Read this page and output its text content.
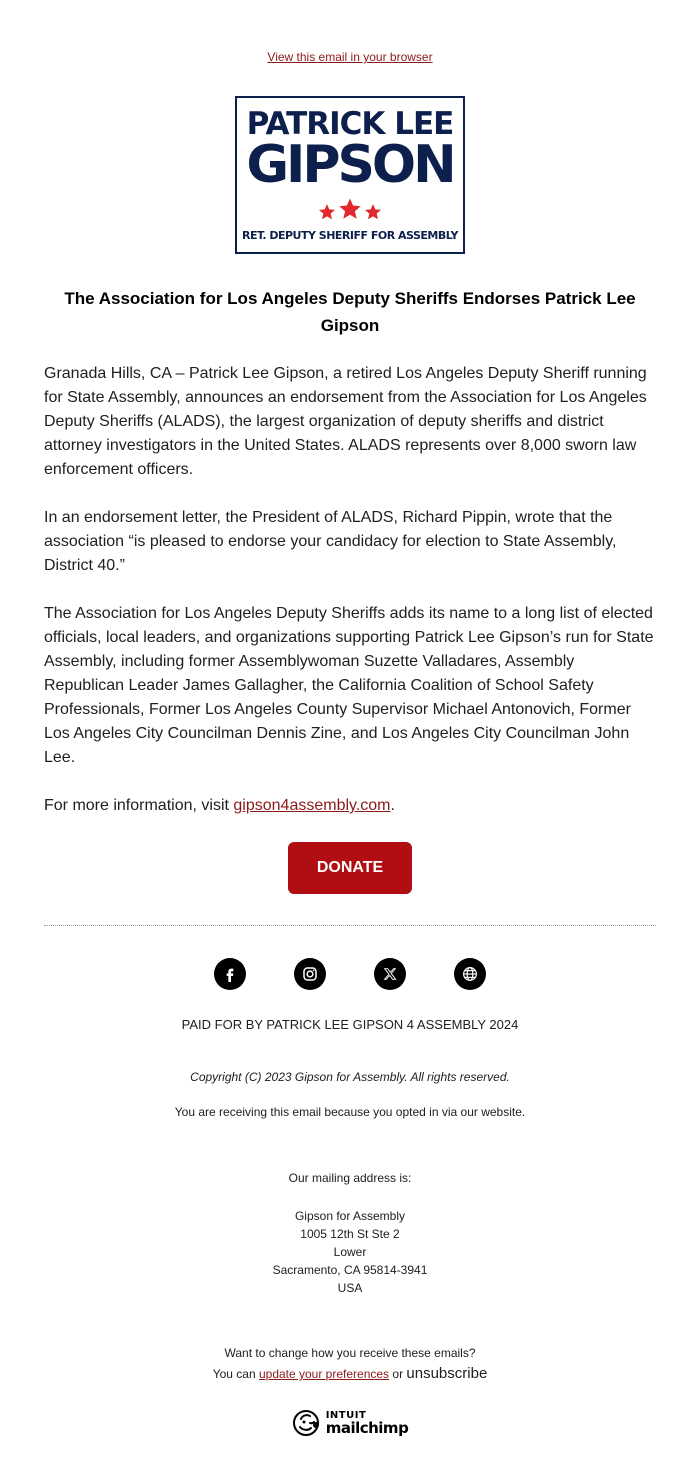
View this email in your browser
PATRICK LEE
GIPSON
RET. DEPUTY SHERIFF FOR ASSEMBLY
The Association for Los Angeles Deputy Sheriffs Endorses Patrick Lee Gipson
Granada Hills, CA – Patrick Lee Gipson, a retired Los Angeles Deputy Sheriff running for State Assembly, announces an endorsement from the Association for Los Angeles Deputy Sheriffs (ALADS), the largest organization of deputy sheriffs and district attorney investigators in the United States. ALADS represents over 8,000 sworn law enforcement officers.
In an endorsement letter, the President of ALADS, Richard Pippin, wrote that the association “is pleased to endorse your candidacy for election to State Assembly, District 40.”
The Association for Los Angeles Deputy Sheriffs adds its name to a long list of elected officials, local leaders, and organizations supporting Patrick Lee Gipson’s run for State Assembly, including former Assemblywoman Suzette Valladares, Assembly Republican Leader James Gallagher, the California Coalition of School Safety Professionals, Former Los Angeles County Supervisor Michael Antonovich, Former Los Angeles City Councilman Dennis Zine, and Los Angeles City Councilman John Lee.
For more information, visit gipson4assembly.com.
DONATE
PAID FOR BY PATRICK LEE GIPSON 4 ASSEMBLY 2024
Copyright (C) 2023 Gipson for Assembly. All rights reserved.
You are receiving this email because you opted in via our website.
Our mailing address is:
Gipson for Assembly
1005 12th St Ste 2
Lower
Sacramento, CA 95814-3941
USA
Want to change how you receive these emails?
You can update your preferences or unsubscribe
INTUIT
mailchimp
